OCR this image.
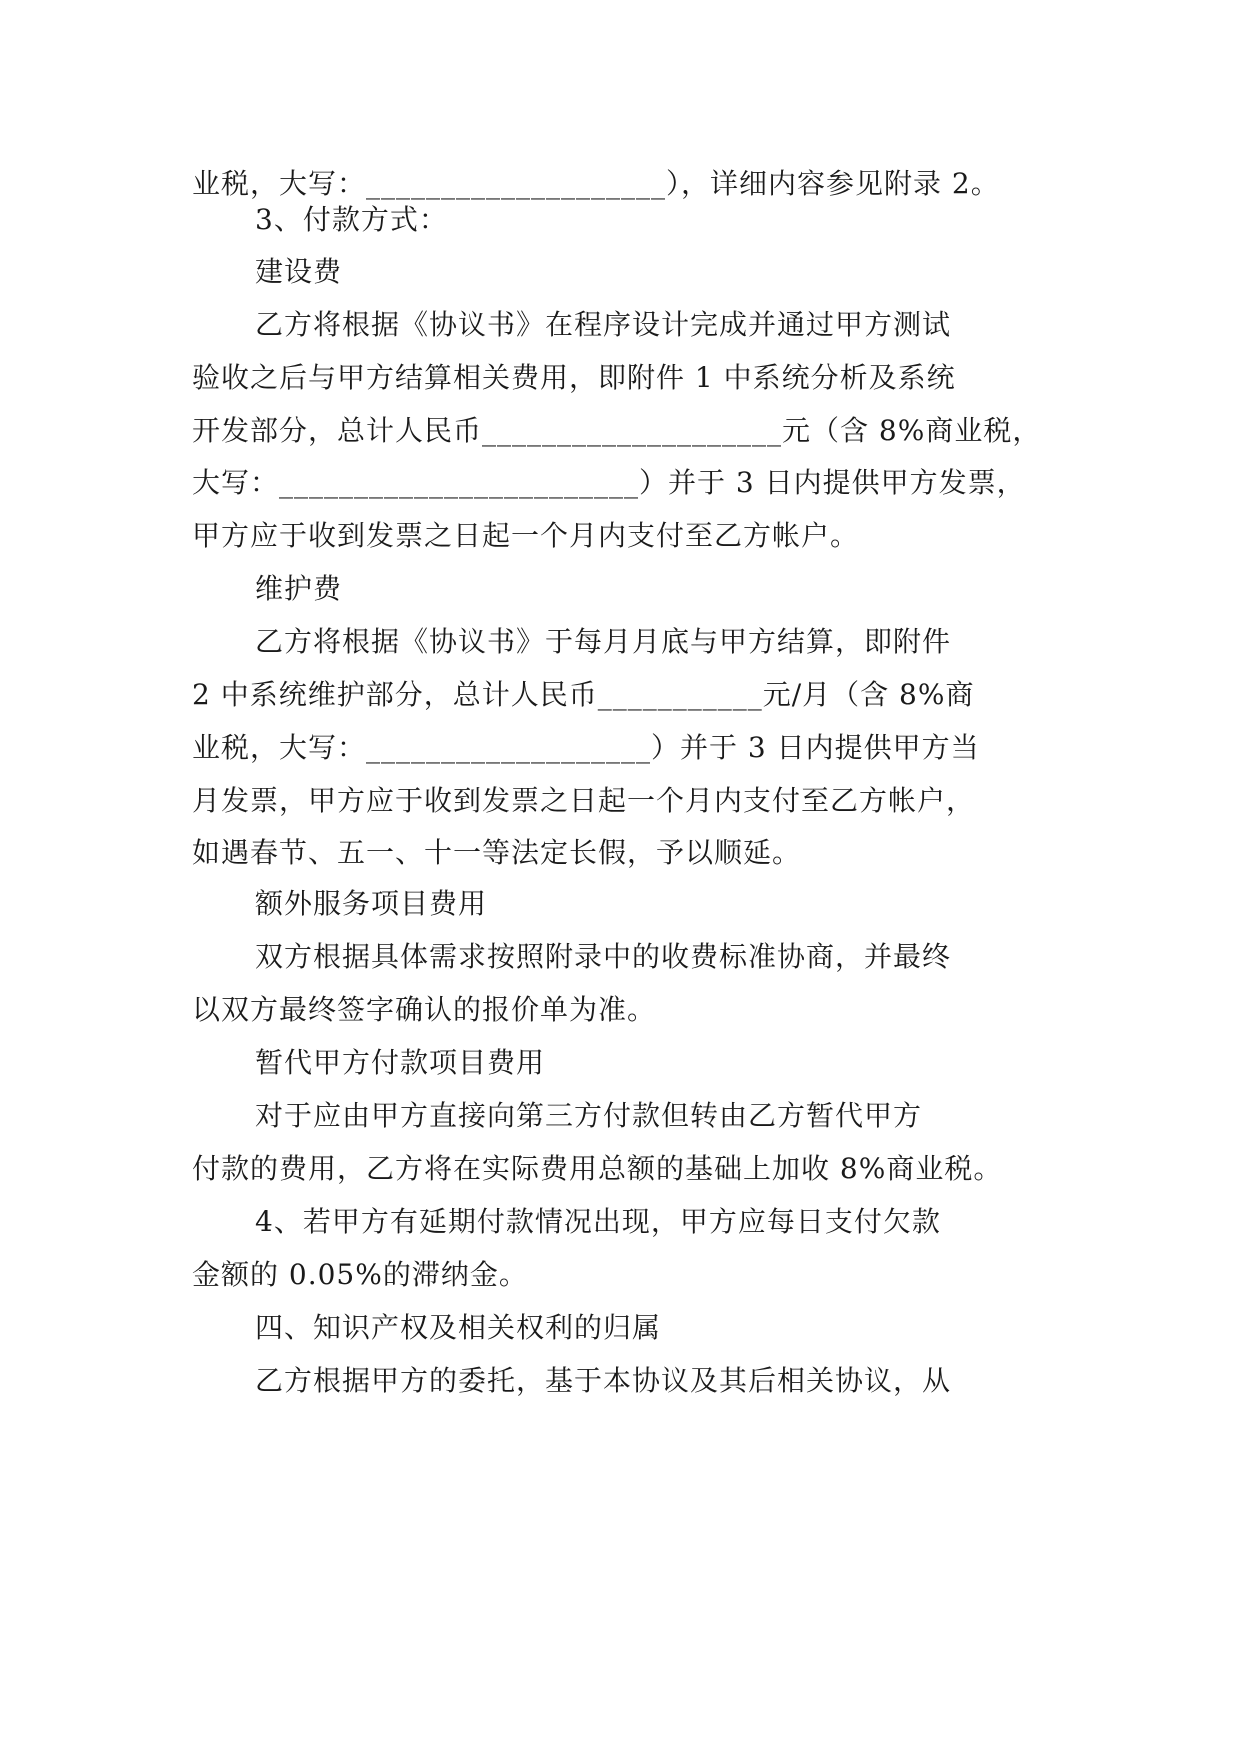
业税，大写：____________________），详细内容参见附录 2。
3、付款方式：
建设费
乙方将根据《协议书》在程序设计完成并通过甲方测试
验收之后与甲方结算相关费用，即附件 1 中系统分析及系统
开发部分，总计人民币____________________元（含 8%商业税，
大写：________________________）并于 3 日内提供甲方发票，
甲方应于收到发票之日起一个月内支付至乙方帐户。
维护费
乙方将根据《协议书》于每月月底与甲方结算，即附件
2 中系统维护部分，总计人民币___________元/月（含 8%商
业税，大写：___________________）并于 3 日内提供甲方当
月发票，甲方应于收到发票之日起一个月内支付至乙方帐户，
如遇春节、五一、十一等法定长假，予以顺延。
额外服务项目费用
双方根据具体需求按照附录中的收费标准协商，并最终
以双方最终签字确认的报价单为准。
暂代甲方付款项目费用
对于应由甲方直接向第三方付款但转由乙方暂代甲方
付款的费用，乙方将在实际费用总额的基础上加收 8%商业税。
4、若甲方有延期付款情况出现，甲方应每日支付欠款
金额的 0.05%的滞纳金。
四、知识产权及相关权利的归属
乙方根据甲方的委托，基于本协议及其后相关协议，从
